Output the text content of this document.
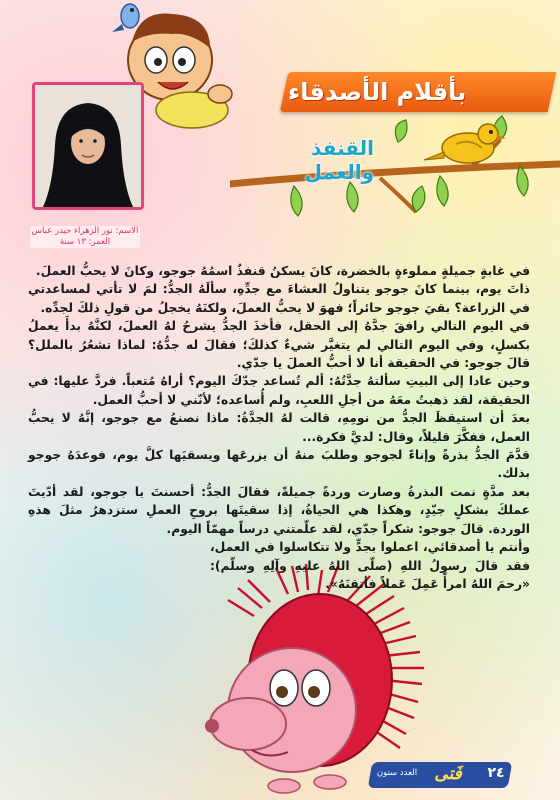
الاسم: نور الزهراء حيدر عباس
العمر: ١٣ سنة
بأقلام الأصدقاء
القنفذ والعمل

في غابةٍ جميلةٍ مملوءةٍ بالخضرة، كانَ يسكنُ قنفذٌ اسمُهُ جوجو، وكانَ لا يحبُّ العملَ.

ذاتَ يوم، بينما كانَ جوجو يتناولُ العشاءَ مع جدِّهِ، سألَهُ الجدُّ: لمَ لا تأتي لمساعدتي في الزراعة؟ بقيَ جوجو حائراً؛ فهوَ لا يحبُّ العملَ، ولكنَهُ يخجلُ من قولِ ذلكَ لجدِّه.

في اليوم التالي رافقَ جدَّهُ إلى الحقل، فأخذَ الجدُّ يشرحُ لهُ العملَ، لكنَّهُ بدأَ يعملُ بكسلٍ، وفي اليوم التالي لم يتغيَّر شيءٌ كذلكَ؛ فقالَ له جدُّهُ: لماذا تشعُرُ بالملل؟ قالَ جوجو: في الحقيقة أنا لا أحبُّ العملَ يا جدّي.

وحين عادا إلى البيتِ سألتهُ جدَّتُهُ: ألم تُساعد جدّكَ اليوم؟ أراهُ مُتعباً. فردَّ عليها: في الحقيقة، لقد ذهبتُ معَهُ من أجلِ اللعبِ، ولم أُساعده؛ لأنّني لا أحبُّ العمل.

بعدَ أن استيقظَ الجدُّ من نومِهِ، قالت لهُ الجدَّةُ: ماذا نصنعُ مع جوجو، إنَّهُ لا يحبُّ العمل، ففكَّرَ قليلاً، وقال: لديَّ فكرة...

قدَّمَ الجدُّ بذرةً وإناءً لجوجو وطلبَ منهُ أن يزرعَها ويسقيَها كلَّ يوم، فوعدَهُ جوجو بذلك.

بعد مدَّةٍ نمت البذرةُ وصارت وردةً جميلةً، فقالَ الجدُّ: أحسنتَ يا جوجو، لقد أدّيتَ عملكَ بشكلٍ جيّدٍ، وهكذا هي الحياةُ، إذا سقيتَها بروحِ العملِ ستزدهرُ مثلَ هذهِ الوردة. قالَ جوجو: شكراً جدّي، لقد علّمتني درساً مهمّاً اليوم.

وأنتم يا أصدقائي، اعملوا بجدٍّ ولا تتكاسلوا في العمل، فقد قالَ رسولُ اللهِ (صلّى اللهُ عليهِ وآلِهِ وسلّم): «رحمَ اللهُ امرأً عَمِلَ عَملاً فأتقنَهُ».

العدد ستون	فَتى	٢٤
